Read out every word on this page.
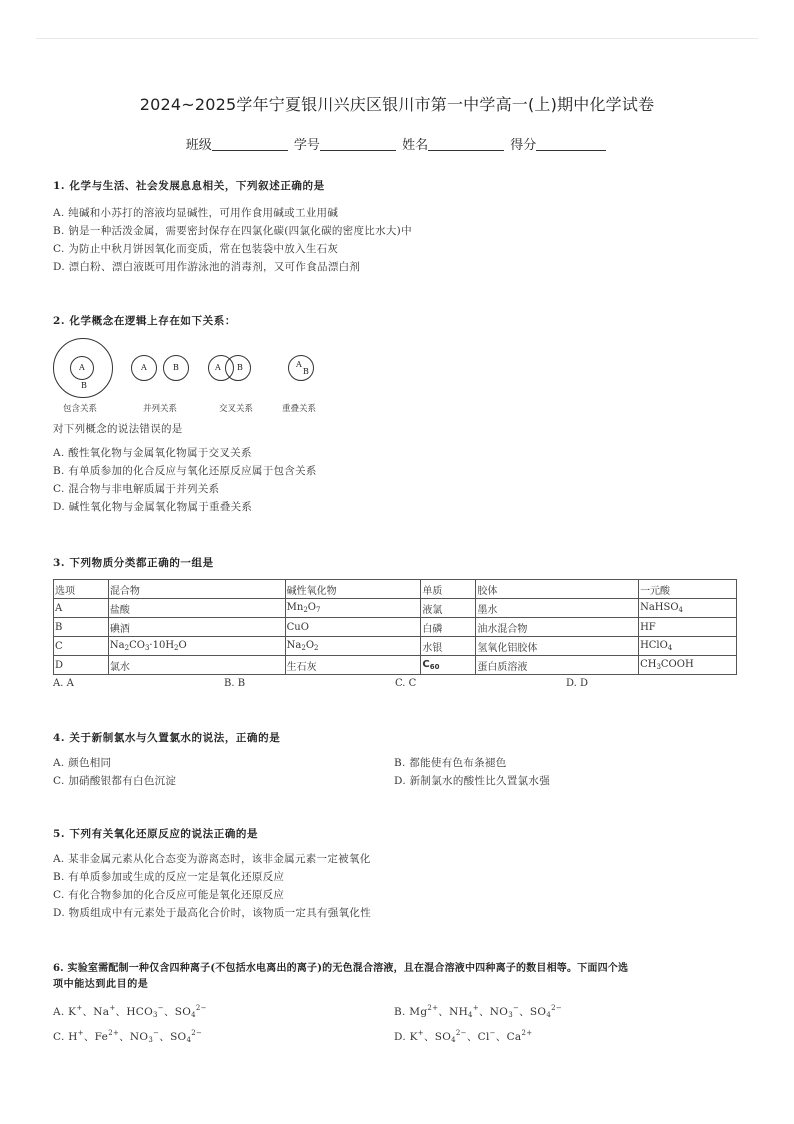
2024~2025学年宁夏银川兴庆区银川市第一中学高一(上)期中化学试卷
班级	学号	姓名	得分
1. 化学与生活、社会发展息息相关，下列叙述正确的是
A. 纯碱和小苏打的溶液均显碱性，可用作食用碱或工业用碱
B. 钠是一种活泼金属，需要密封保存在四氯化碳(四氯化碳的密度比水大)中
C. 为防止中秋月饼因氧化而变质，常在包装袋中放入生石灰
D. 漂白粉、漂白液既可用作游泳池的消毒剂，又可作食品漂白剂
2. 化学概念在逻辑上存在如下关系：
A
B
包含关系
A	B
并列关系
A B
交叉关系
A
B
重叠关系
对下列概念的说法错误的是
A. 酸性氧化物与金属氧化物属于交叉关系
B. 有单质参加的化合反应与氧化还原反应属于包含关系
C. 混合物与非电解质属于并列关系
D. 碱性氧化物与金属氧化物属于重叠关系
3. 下列物质分类都正确的一组是
选项	混合物	碱性氧化物	单质	胶体	一元酸
A	盐酸	$Mn_2O_7$	液氯	墨水	NaHSO$_4$
B	碘酒	CuO	白磷	油水混合物	HF
C	$Na_2CO_3\cdot 10H_2O$	$Na_2O_2$	水银	氢氧化铝胶体	HClO$_4$
D	氯水	生石灰	$C_{60}$	蛋白质溶液	$CH_3COOH$
A. A	B. B	C. C	D. D
4. 关于新制氯水与久置氯水的说法，正确的是
A. 颜色相同	B. 都能使有色布条褪色
C. 加硝酸银都有白色沉淀	D. 新制氯水的酸性比久置氯水强
5. 下列有关氧化还原反应的说法正确的是
A. 某非金属元素从化合态变为游离态时，该非金属元素一定被氧化
B. 有单质参加或生成的反应一定是氧化还原反应
C. 有化合物参加的化合反应可能是氧化还原反应
D. 物质组成中有元素处于最高化合价时，该物质一定具有强氧化性
6. 实验室需配制一种仅含四种离子(不包括水电离出的离子)的无色混合溶液，且在混合溶液中四种离子的数目相等。下面四个选
项中能达到此目的是
A. K+、Na+、$HCO_3^-$、$SO_4^{2-}$	B. $Mg^{2+}$、$NH_4^+$、$NO_3^-$、$SO_4^{2-}$
C. H+、$Fe^{2+}$、$NO_3^-$、$SO_4^{2-}$	D. K+、$SO_4^{2-}$、Cl−、$Ca^{2+}$
